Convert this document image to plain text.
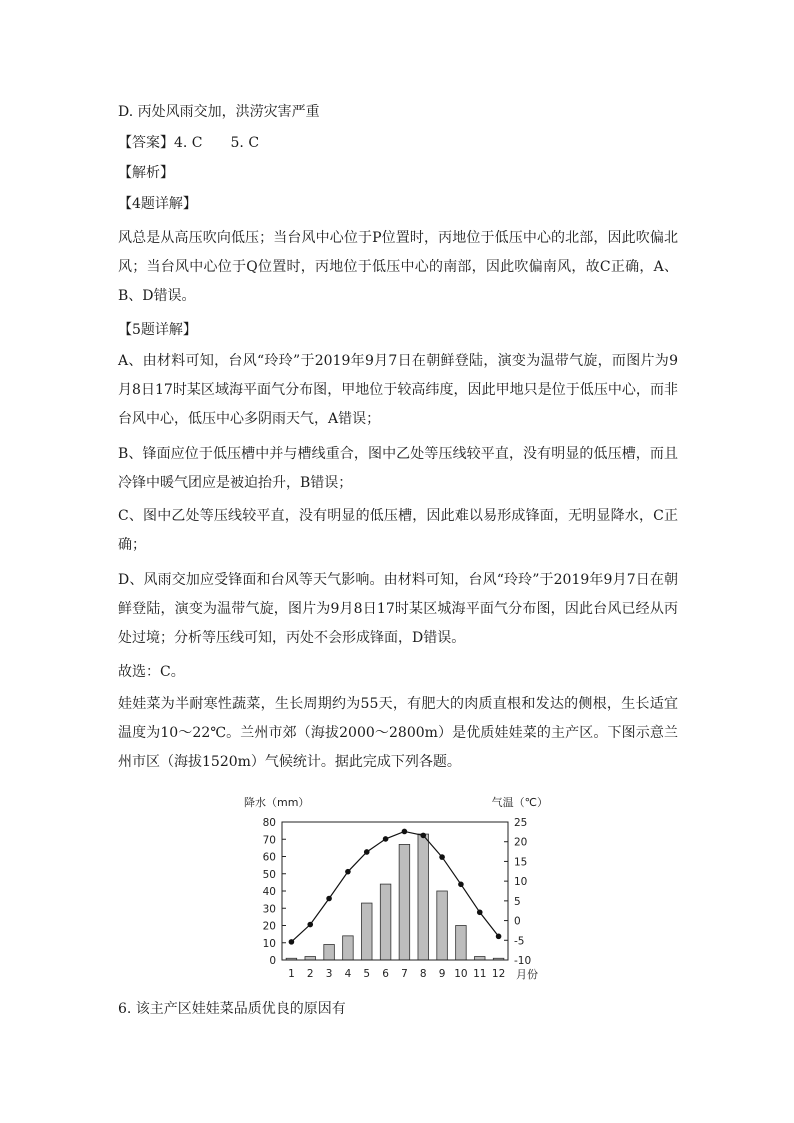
D. 丙处风雨交加，洪涝灾害严重

【答案】4. C　　5. C

【解析】

【4题详解】

风总是从高压吹向低压；当台风中心位于P位置时，丙地位于低压中心的北部，因此吹偏北风；当台风中心位于Q位置时，丙地位于低压中心的南部，因此吹偏南风，故C正确，A、B、D错误。

【5题详解】

A、由材料可知，台风“玲玲”于2019年9月7日在朝鲜登陆，演变为温带气旋，而图片为9月8日17时某区域海平面气分布图，甲地位于较高纬度，因此甲地只是位于低压中心，而非台风中心，低压中心多阴雨天气，A错误；

B、锋面应位于低压槽中并与槽线重合，图中乙处等压线较平直，没有明显的低压槽，而且冷锋中暖气团应是被迫抬升，B错误；

C、图中乙处等压线较平直，没有明显的低压槽，因此难以易形成锋面，无明显降水，C正确；

D、风雨交加应受锋面和台风等天气影响。由材料可知，台风“玲玲”于2019年9月7日在朝鲜登陆，演变为温带气旋，图片为9月8日17时某区城海平面气分布图，因此台风已经从丙处过境；分析等压线可知，丙处不会形成锋面，D错误。

故选：C。

娃娃菜为半耐寒性蔬菜，生长周期约为55天，有肥大的肉质直根和发达的侧根，生长适宜温度为10～22℃。兰州市郊（海拔2000～2800m）是优质娃娃菜的主产区。下图示意兰州市区（海拔1520m）气候统计。据此完成下列各题。

降水（mm）	气温（℃）
0
10
20
30
40
50
60
70
80
-10
-5
0
5
10
15
20
25
1 2 3 4 5 6 7 8 9 10 11 12 月份

6. 该主产区娃娃菜品质优良的原因有
